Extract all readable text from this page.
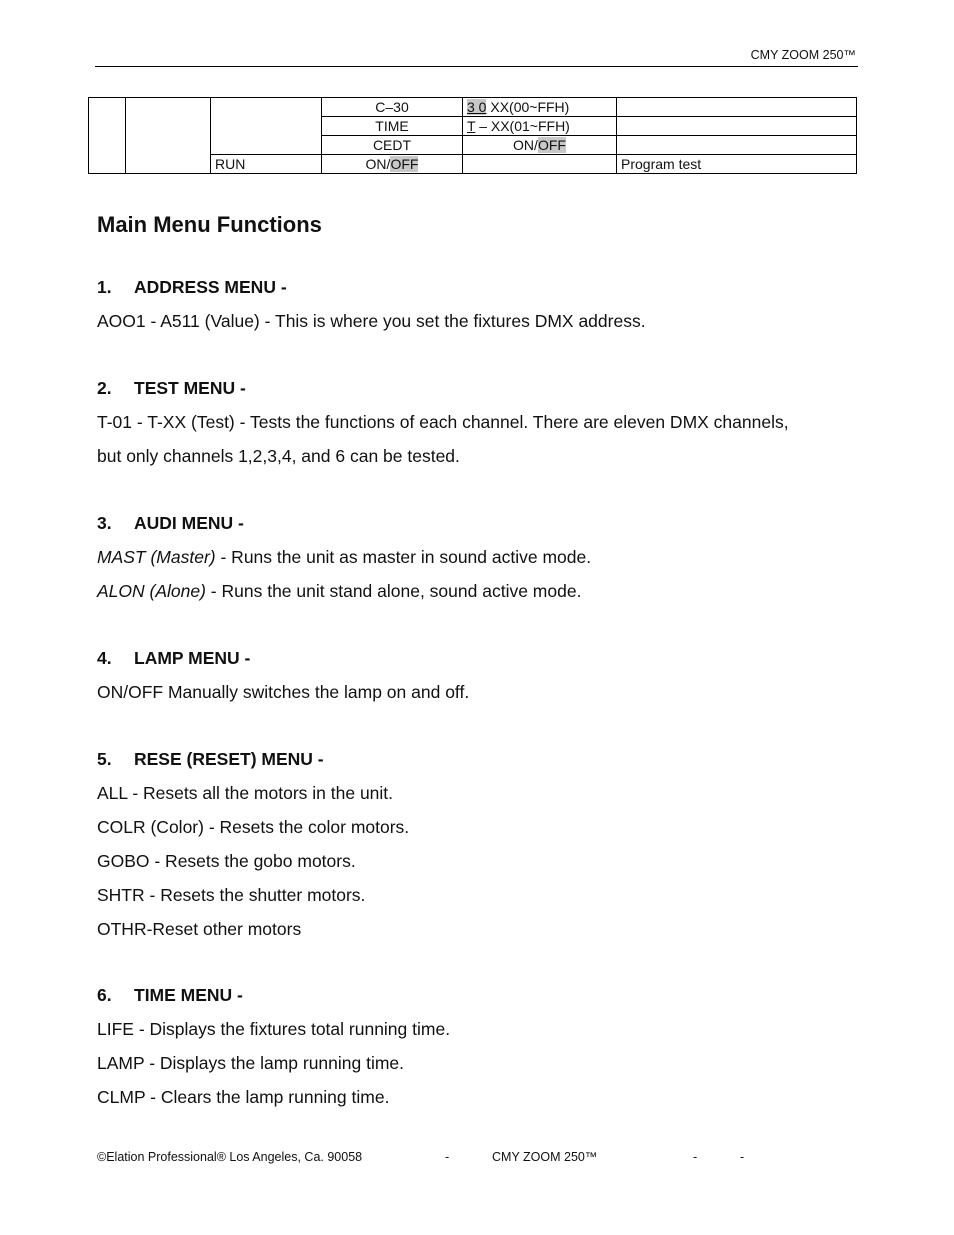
CMY ZOOM 250™
			C–30	3 0 XX(00~FFH)	
			TIME	T – XX(01~FFH)	
			CEDT	ON/OFF	
		RUN	ON/OFF		Program test
Main Menu Functions
1. ADDRESS MENU -
AOO1 - A511 (Value) - This is where you set the fixtures DMX address.
2. TEST MENU -
T-01 - T-XX (Test) - Tests the functions of each channel. There are eleven DMX channels,
but only channels 1,2,3,4, and 6 can be tested.
3. AUDI MENU -
MAST (Master) - Runs the unit as master in sound active mode.
ALON (Alone) - Runs the unit stand alone, sound active mode.
4. LAMP MENU -
ON/OFF Manually switches the lamp on and off.
5. RESE (RESET) MENU -
ALL - Resets all the motors in the unit.
COLR (Color) - Resets the color motors.
GOBO - Resets the gobo motors.
SHTR - Resets the shutter motors.
OTHR-Reset other motors
6. TIME MENU -
LIFE - Displays the fixtures total running time.
LAMP - Displays the lamp running time.
CLMP - Clears the lamp running time.
©Elation Professional® Los Angeles, Ca. 90058	-	CMY ZOOM 250™	-	-
